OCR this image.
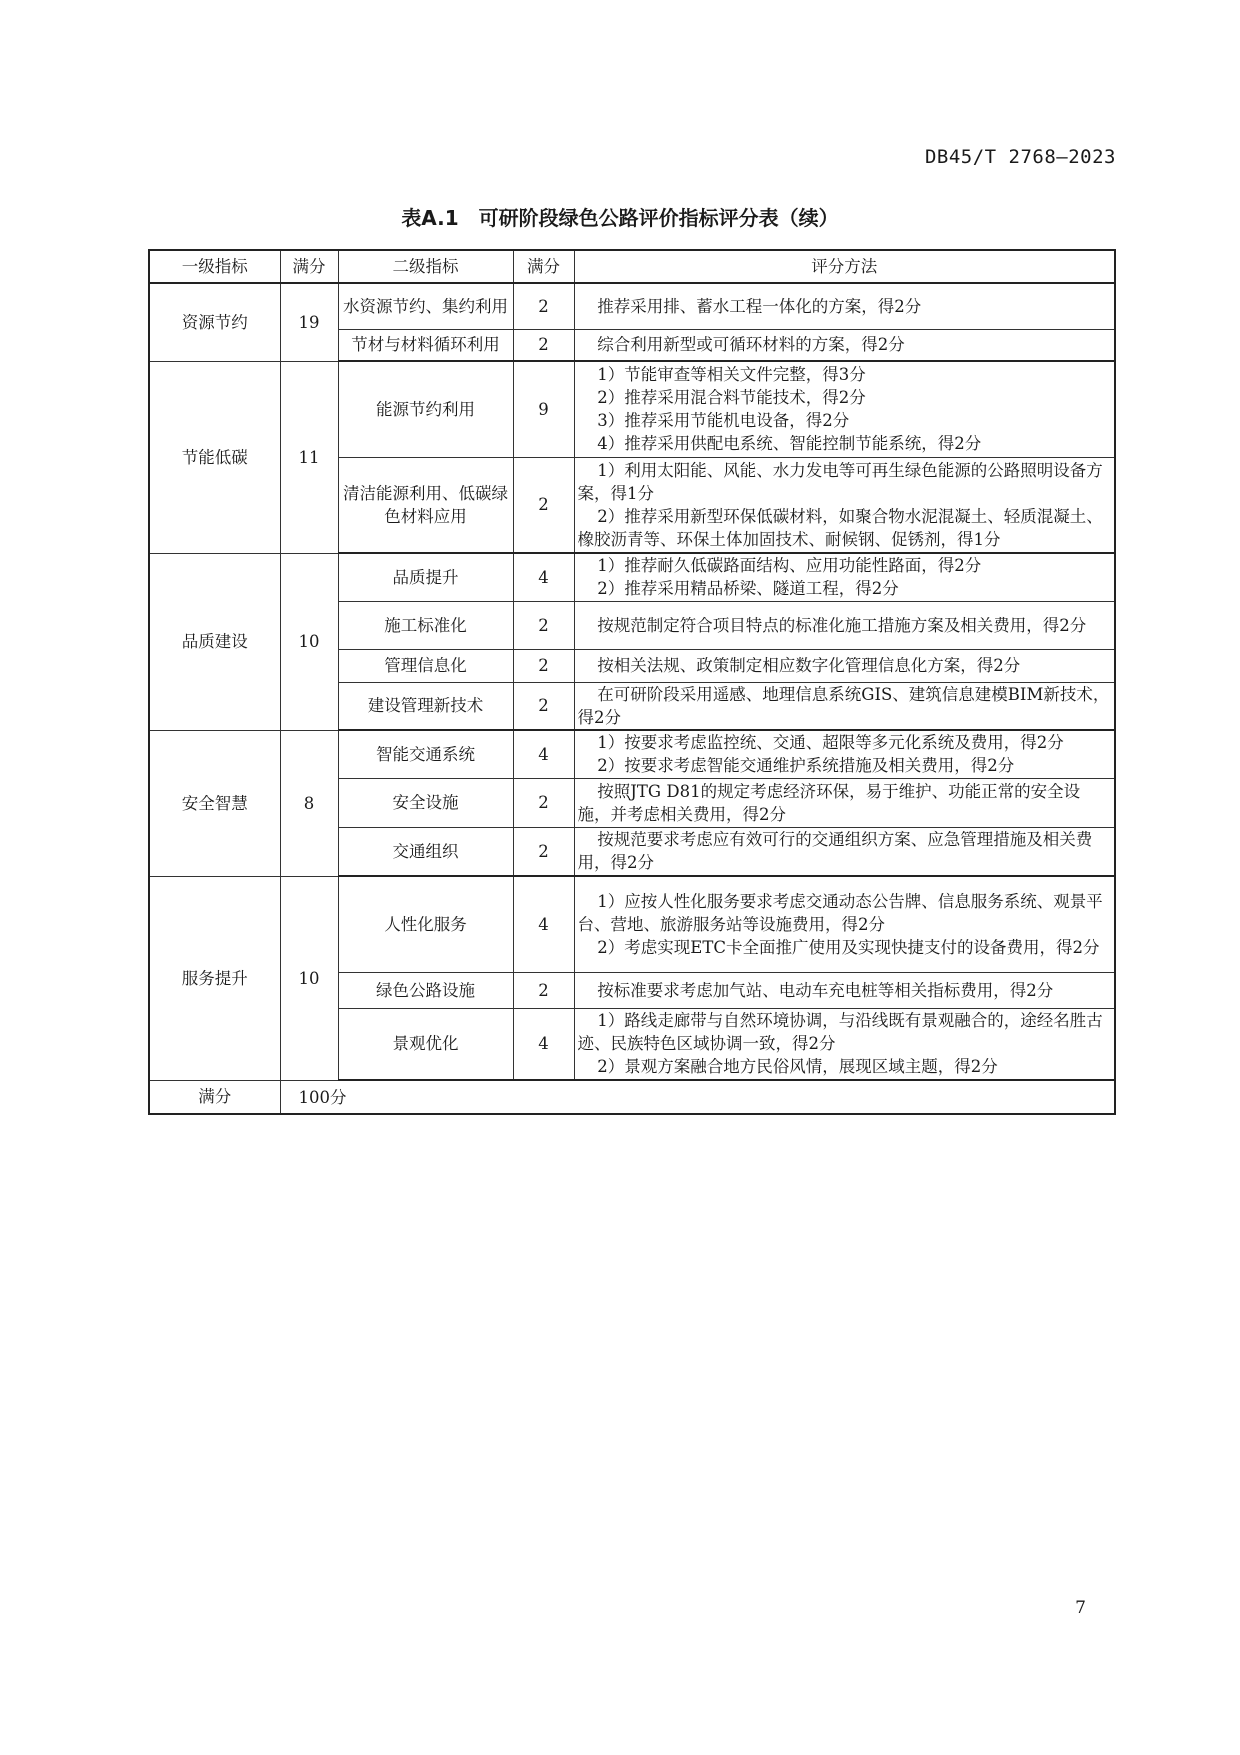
DB45/T 2768—2023
表A.1　可研阶段绿色公路评价指标评分表（续）
一级指标	满分	二级指标	满分	评分方法
资源节约	19	水资源节约、集约利用	2	推荐采用排、蓄水工程一体化的方案，得2分

		节材与材料循环利用	2	综合利用新型或可循环材料的方案，得2分

节能低碳	11	能源节约利用	9	1）节能审查等相关文件完整，得3分
2）推荐采用混合料节能技术，得2分
3）推荐采用节能机电设备，得2分
4）推荐采用供配电系统、智能控制节能系统，得2分

		清洁能源利用、低碳绿色材料应用	2	1）利用太阳能、风能、水力发电等可再生绿色能源的公路照明设备方案，得1分
2）推荐采用新型环保低碳材料，如聚合物水泥混凝土、轻质混凝土、橡胶沥青等、环保土体加固技术、耐候钢、促锈剂，得1分

品质建设	10	品质提升	4	1）推荐耐久低碳路面结构、应用功能性路面，得2分
2）推荐采用精品桥梁、隧道工程，得2分

		施工标准化	2	按规范制定符合项目特点的标准化施工措施方案及相关费用，得2分

		管理信息化	2	按相关法规、政策制定相应数字化管理信息化方案，得2分

		建设管理新技术	2	在可研阶段采用遥感、地理信息系统GIS、建筑信息建模BIM新技术，得2分

安全智慧	8	智能交通系统	4	1）按要求考虑监控统、交通、超限等多元化系统及费用，得2分
2）按要求考虑智能交通维护系统措施及相关费用，得2分

		安全设施	2	按照JTG D81的规定考虑经济环保，易于维护、功能正常的安全设施，并考虑相关费用，得2分

		交通组织	2	按规范要求考虑应有效可行的交通组织方案、应急管理措施及相关费用，得2分

服务提升	10	人性化服务	4	1）应按人性化服务要求考虑交通动态公告牌、信息服务系统、观景平台、营地、旅游服务站等设施费用，得2分
2）考虑实现ETC卡全面推广使用及实现快捷支付的设备费用，得2分

		绿色公路设施	2	按标准要求考虑加气站、电动车充电桩等相关指标费用，得2分

		景观优化	4	1）路线走廊带与自然环境协调，与沿线既有景观融合的，途经名胜古迹、民族特色区域协调一致，得2分
2）景观方案融合地方民俗风情，展现区域主题，得2分

满分	100分			
7
